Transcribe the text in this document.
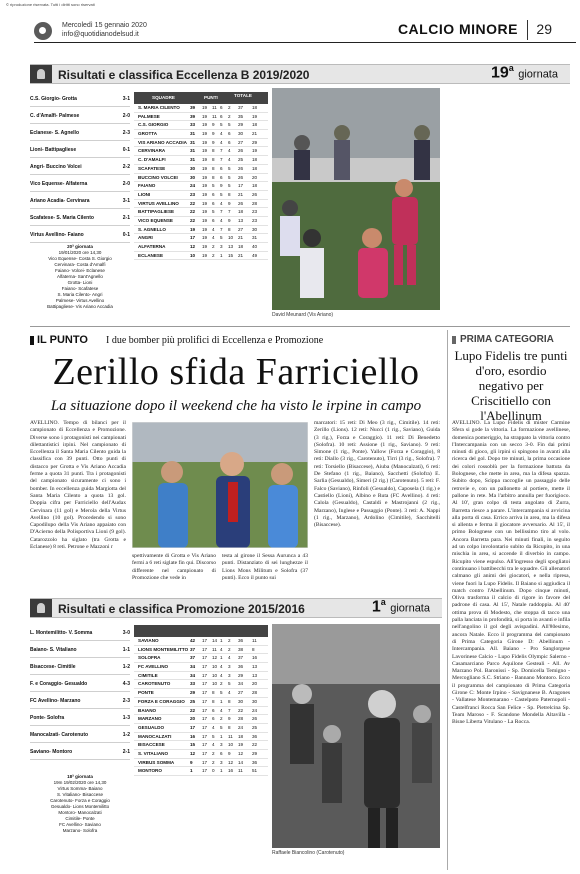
© riproduzione riservata. Tutti i diritti sono riservati
Mercoledì 15 gennaio 2020
info@quotidianodelsud.it	CALCIO MINORE 29
Risultati e classifica Eccellenza B 2019/2020	19$^a$ giornata
C.S. Giorgio- Grotta	3-1
C. d'Amalfi- Palmese	2-0
Eclanese- S. Agnello	2-3
Lioni- Battipagliese	0-1
Angri- Buccino Volcei	2-2
Vico Equense- Alfaterna	2-0
Ariano Acadia- Cervinara	3-1
Scafatese- S. Maria Cilento	2-1
Virtus Avellino- Faiano	0-1
20ª giornata
19/01/2020 ore 14,30
Vico Equense- Costa S. Giorgio
Cervinara- Costa d'Amalfi
Faiano- Volcei- Eclanese
Alfaterna- Sant'Agnello
Grotta- Lioni
Faiano- Scafatese
S. Maria Cilento- Angri
Palmese- Virtus Avellino
Battipagliese- Vis Ariano Accadia
SQUADRE	PUNTI	TOTALE
S. MARIA CILENTO 39 19 11 6 2 37 18
PALMESE	39 19 11 6 2 35 19
C.S. GIORGIO	33 19 9 5 5 29 18
GROTTA	31 19 9 4 6 30 21
VIS ARIANO ACCADIA 31 19 9 4 6 27 29
CERVINARA	31 19 8 7 4 26 19
C. D'AMALFI	31 19 8 7 4 25 18
SCAFATESE	30 19 8 6 5 26 18
BUCCINO VOLCEI	30 19 8 6 5 26 20
FAIANO	24 19 5 9 5 17 18
LIONI	23 19 6 5 8 21 26
VIRTUS AVELLINO 22 19 6 4 9 26 28
BATTIPAGLIESE	22 19 5 7 7 18 23
VICO EQUENSE	22 19 6 4 9 13 23
S. AGNELLO	19 19 4 7 8 27 30
ANGRI	17 19 4 5 10 21 31
ALFATERNA	12 19 2 3 13 18 40
ECLANESE	10 19 2 1 15 21 49
David Meunard (Vis Ariano)
IL PUNTO I due bomber più prolifici di Eccellenza e Promozione
Zerillo sfida Farriciello
La situazione dopo il weekend che ha visto le irpine in campo
AVELLINO. Tempo di bilanci per il campionato di Eccellenza e Promozione. Diverse sono i protagonisti nei campionati dilettantistici irpini. Nel campionato di Eccellenza il Santa Maria Cilento guida la classifica con 39 punti. Otto punti di distacco per Grotta e Vis Ariano Accadia ferme a quota 31 punti. Tra i protagonisti del campionato sicuramente ci sono i bomber. In eccellenza guida Margiotta del Santa Maria Cilento a quota 13 gol. Doppia cifra per Farriciello dell'Audax Cervinara (11 gol) e Merola della Virtus Avellino (10 gol). Procedendo si sono Capodilupo della Vis Ariano appaiato con D'Acierno della Polisportiva Lioni (9 gol). Catarozzolo ha siglato (tra Grotta e Eclanese) 8 reti. Petrone e Mazzoni r
spettivamente di Grotta e Vis Ariano fermi a 6 reti siglate fin qui. Discorso differente nel campionato di Promozione che vede in
testa al girone il Sessa Aurunca a 43 punti. Distanziato di sei lunghezze il Lions Mons Militum e Solofra (37 punti). Ecco il punto sui
marcatori: 15 reti: Di Meo (3 rig., Cimitile). 14 reti: Zerillo (Lions). 12 reti: Nucci (1 rig., Saviano), Guida (3 rig.), Forza e Coraggio). 11 reti: Di Benedetto (Solofra). 10 reti: Assione (1 rig., Saviano). 9 reti: Simone (1 rig., Ponte). Yallow (Forza e Coraggio), 8 reti: Diallo (3 rig., Carotenuto), Tirri (3 rig., Solofra). 7 reti: Torsiello (Bisaccese), Aiuba (Manocalzati), 6 reti: De Stefano (1 rig., Baiano), Sacchetti (Solofra) E. Sarlia (Gesualdo), Simeri (2 rig.) (Carotenuto). 5 reti: F. Falco (Saviano), Rinfoli (Gesualdo), Caposela (1 rig.) e Castiello (Lioni), Albino e Ruta (FC Avellino). 4 reti: Calola (Gesualdo), Castaldi e Mastrojanni (2 rig., Marzano), Inglese e Passaggio (Ponte). 3 reti: A. Nappi (1 rig., Marzano), Ardolino (Cimitile), Sacchitelli (Bisaccese).
PRIMA CATEGORIA
Lupo Fidelis tre punti d'oro, esordio negativo per Criscitiello con l'Abellinum
AVELLINO. La Lupo Fidelis di mister Carmine Sfera si gode la vittoria. La formazione avellinese, domenica pomeriggio, ha strappato la vittoria contro l'Intercampania con un secco 3-0. Fin dai primi minuti di gioco, gli irpini si spingono in avanti alla ricerca del gol. Dopo tre minuti, la prima occasione dei colori rossoblù per la formazione battuta da Bolognese, che mette in area, ma la difesa spazza. Subito dopo, Scippa raccoglie un passaggio delle retrovie e, con un pallonetto al portiere, mette il pallone in rete. Ma l'arbitro annulla per fuorigioco. Al 10', gran colpo di testa angolato di Zurra, Barretta riesce a parare. L'intercampania si avvicina alla porta di casa. Errico arriva in area, ma la difesa si allenta e ferma il giocatore avversario. Al 15', il primo Bolognese con un bellissimo tiro al volo. Ancora Barretta para. Nei minuti finali, in seguito ad un colpo involontario subito da Ricupito, in una mischia in area, si accende il diverbio in campo. Ricupito viene espulso. All'ingresso degli spogliatoi continuano i battibecchi tra le squadre. Gli allenatori calmano gli animi dei giocatori, e nella ripresa, viene fuori la Lupo Fidelis. Il Baiano si aggiudica il match contro l'Abellinum. Dopo cinque minuti, Oliva trasforma il calcio di rigore in favore del padrone di casa. Al 15', Natale raddoppia. Al 40' ottima prova di Modesto, che stoppa di tacco una palla lanciata in profondità, si porta in avanti e infila nell'angolino il gol degli avispadini. All'80esimo, ancora Natale. Ecco il programma del campionato di Prima Categoria Girone D: Abellinum - Intercampania. All. Baiano - Pro Sanglorgese Lavorinese Calcio - Lupo Fidelis Olympic Salerno - Casamarciano Parco Aquilone Gesteali - All. Av Marzano Pol. Baronissi - Sp. Domicella Temigno - Mercogliano S.C. Striano - Bannano Montoro. Ecco il programma del campionato di Prima Categoria Girone C: Monte Irpino - Savignanese B. Aragones - Vallatese Montemarano - Castelpoto Paternopoli - Castelfranci Rocca San Felice - Sp. Pietrelcina Sp. Team Maroso - F. Scandone Mondella Altavilla - Bisne Liberta Vitulano - La Rocca.
Risultati e classifica Promozione 2015/2016	1$^a$ giornata
L. Montemilitto- V. Somma	3-0
Baiano- S. Vitaliano	1-1
Bisaccese- Cimitile	1-2
F. e Coraggio- Gesualdo	4-3
FC Avellino- Marzano	2-3
Ponte- Solofra	1-3
Manocalzati- Carotenuto	1-2
Saviano- Montoro	2-1
18ª giornata
19m 19/02/2020 ore 14,30
Virtus Somma- Baiano
S. Vitaliano- Bisaccese
Carotenuto- Forza e Coraggio
Gesualdo- Lions Montemilitto
Montoro- Manocalzati
Cimitile- Ponte
FC Avellino- Saviano
Marzano- Solofra
SAVIANO	42 17 14 1 2 36 11
LIONS MONTEMILITTO 37 17 11 4 2 38 8
SOLOFRA	37 17 12 1 4 37 16
FC AVELLINO	34 17 10 4 3 36 13
CIMITILE	34 17 10 4 3 29 13
CAROTENUTO	33 17 10 2 5 34 20
PONTE	29 17 8 5 4 27 28
FORZA E CORAGGIO 25 17 8 1 8 30 30
BAIANO	22 17 6 4 7 22 24
MARZANO	20 17 6 2 9 28 26
GESUALDO	17 17 4 5 8 24 25
MANOCALZATI	16 17 5 1 11 18 36
BISACCESE	15 17 4 3 10 19 22
S. VITALIANO	12 17 2 6 9 12 29
VIRBUS SOMMA	9 17 2 3 12 14 36
MONTORO	1 17 0 1 16 11 51
Raffaele Biancolino (Carotenuto)
